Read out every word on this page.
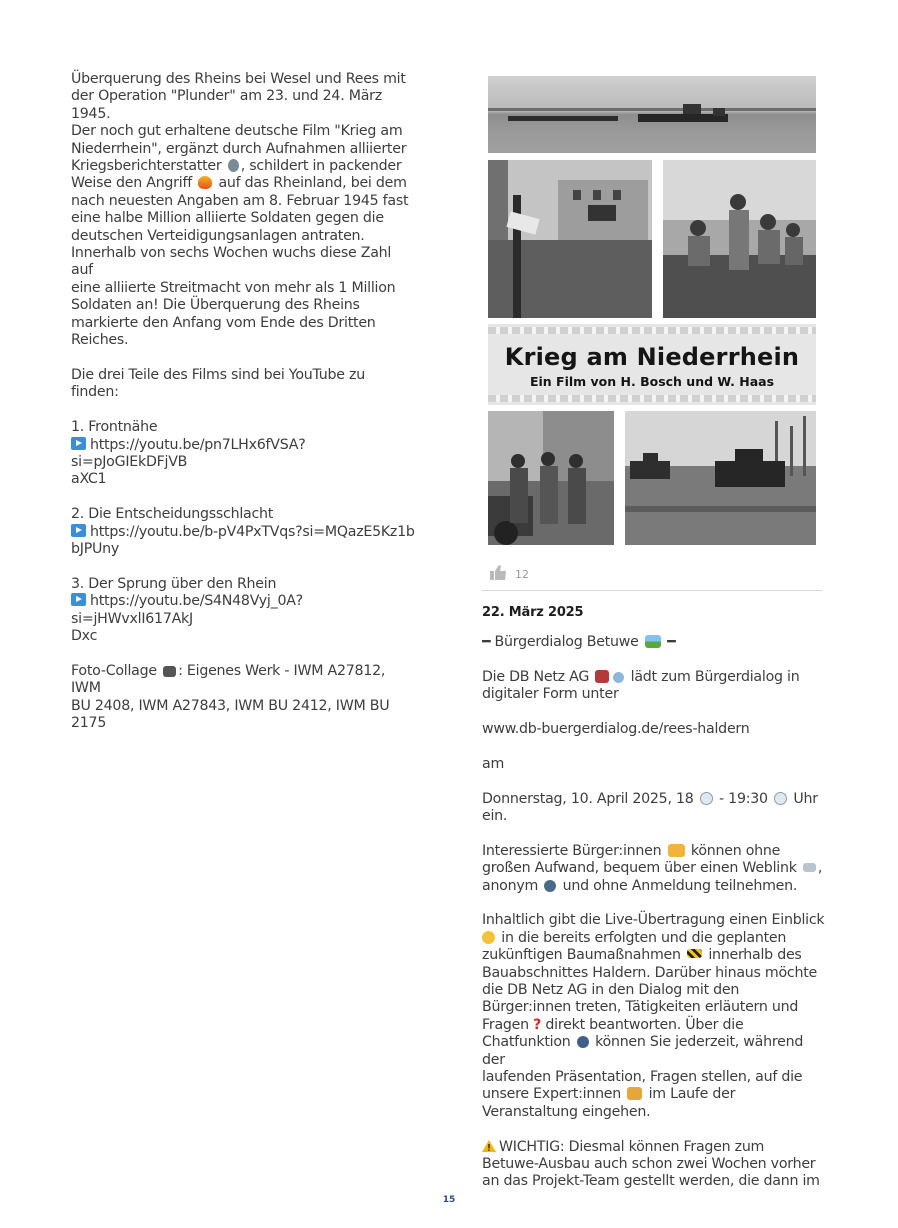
Überquerung des Rheins bei Wesel und Rees mit

der Operation "Plunder" am 23. und 24. März

1945.

Der noch gut erhaltene deutsche Film "Krieg am

Niederrhein", ergänzt durch Aufnahmen alliierter

Kriegsberichterstatter , schildert in packender

Weise den Angriff auf das Rheinland, bei dem

nach neuesten Angaben am 8. Februar 1945 fast

eine halbe Million alliierte Soldaten gegen die

deutschen Verteidigungsanlagen antraten.

Innerhalb von sechs Wochen wuchs diese Zahl auf

eine alliierte Streitmacht von mehr als 1 Million

Soldaten an! Die Überquerung des Rheins

markierte den Anfang vom Ende des Dritten

Reiches.

Die drei Teile des Films sind bei YouTube zu

finden:

1. Frontnähe

https://youtu.be/pn7LHx6fVSA?si=pJoGIEkDFjVB

aXC1

2. Die Entscheidungsschlacht

https://youtu.be/b-pV4PxTVqs?si=MQazE5Kz1b

bJPUny

3. Der Sprung über den Rhein

https://youtu.be/S4N48Vyj_0A?si=jHWvxlI617AkJ

Dxc

Foto-Collage : Eigenes Werk - IWM A27812, IWM

BU 2408, IWM A27843, IWM BU 2412, IWM BU

2175

Krieg am Niederrhein
Ein Film von H. Bosch und W. Haas
12
22. März 2025

━ Bürgerdialog Betuwe ━

Die DB Netz AG	lädt zum Bürgerdialog in

digitaler Form unter

www.db-buergerdialog.de/rees-haldern

am

Donnerstag, 10. April 2025, 18 - 19:30 Uhr

ein.

Interessierte Bürger:innen können ohne

großen Aufwand, bequem über einen Weblink ,

anonym und ohne Anmeldung teilnehmen.

Inhaltlich gibt die Live-Übertragung einen Einblick

in die bereits erfolgten und die geplanten

zukünftigen Baumaßnahmen innerhalb des

Bauabschnittes Haldern. Darüber hinaus möchte

die DB Netz AG in den Dialog mit den

Bürger:innen treten, Tätigkeiten erläutern und

Fragen ? direkt beantworten. Über die

Chatfunktion können Sie jederzeit, während der

laufenden Präsentation, Fragen stellen, auf die

unsere Expert:innen im Laufe der

Veranstaltung eingehen.

WICHTIG: Diesmal können Fragen zum

Betuwe-Ausbau auch schon zwei Wochen vorher

an das Projekt-Team gestellt werden, die dann im

15
